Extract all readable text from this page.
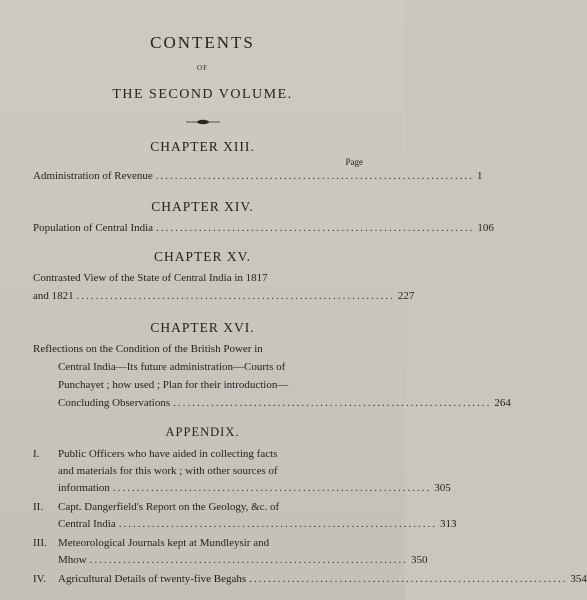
CONTENTS
OF
THE SECOND VOLUME.
CHAPTER XIII.
Page
Administration of Revenue ................................................................... 1
CHAPTER XIV.
Population of Central India ................................................................... 106
CHAPTER XV.
Contrasted View of the State of Central India in 1817
and 1821 ................................................................... 227
CHAPTER XVI.
Reflections on the Condition of the British Power in
Central India—Its future administration—Courts of
Punchayet ; how used ; Plan for their introduction—
Concluding Observations ................................................................... 264
APPENDIX.
I. Public Officers who have aided in collecting facts
and materials for this work ; with other sources of
information ................................................................... 305
II. Capt. Dangerfield's Report on the Geology, &c. of
Central India ................................................................... 313
III. Meteorological Journals kept at Mundleysir and
Mhow ................................................................... 350
IV. Agricultural Details of twenty-five Begahs ................................................................... 354
